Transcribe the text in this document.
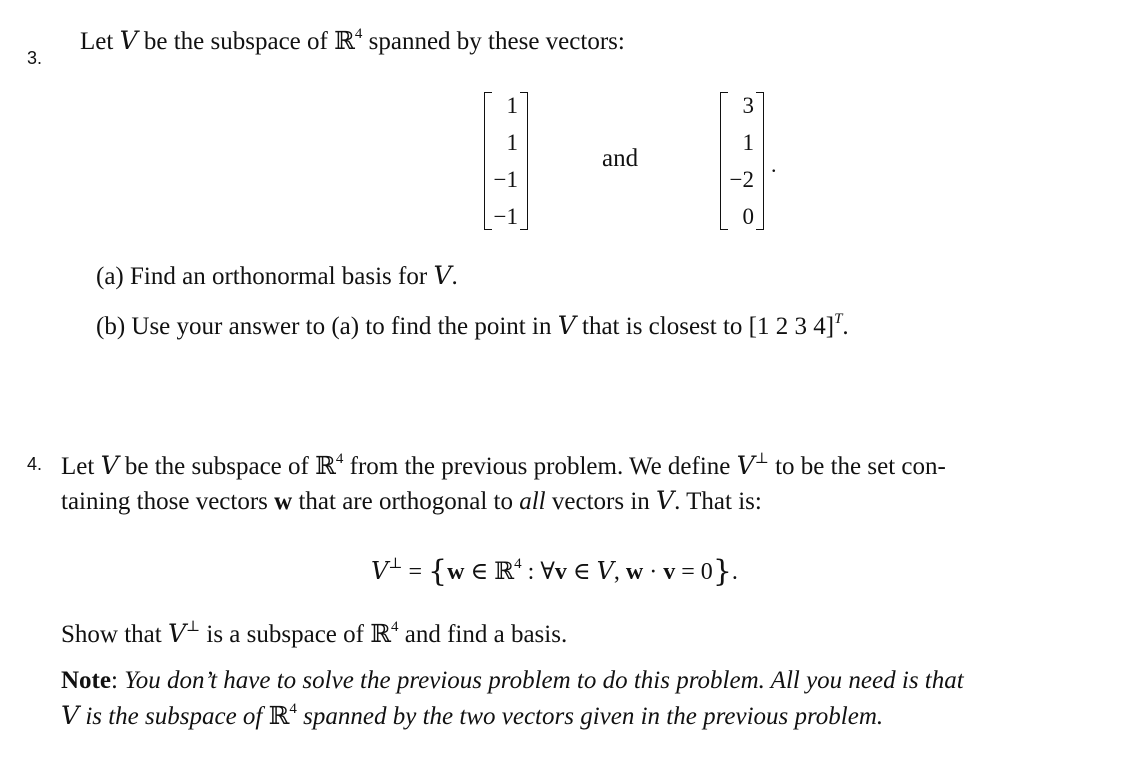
3.
Let V be the subspace of ℝ$^4$ spanned by these vectors:
1
1
−1
−1
and
3
1
−2
0
.
(a) Find an orthonormal basis for V.
(b) Use your answer to (a) to find the point in V that is closest to [1 2 3 4]$^T$.
4. Let V be the subspace of ℝ$^4$ from the previous problem. We define V⊥ to be the set con-
taining those vectors w that are orthogonal to all vectors in V. That is:
V⊥ = {w ∈ ℝ$^4$ : ∀v ∈ V, w · v = 0}.
Show that V⊥ is a subspace of ℝ$^4$ and find a basis.
Note: You don’t have to solve the previous problem to do this problem. All you need is that
V is the subspace of ℝ$^4$ spanned by the two vectors given in the previous problem.
